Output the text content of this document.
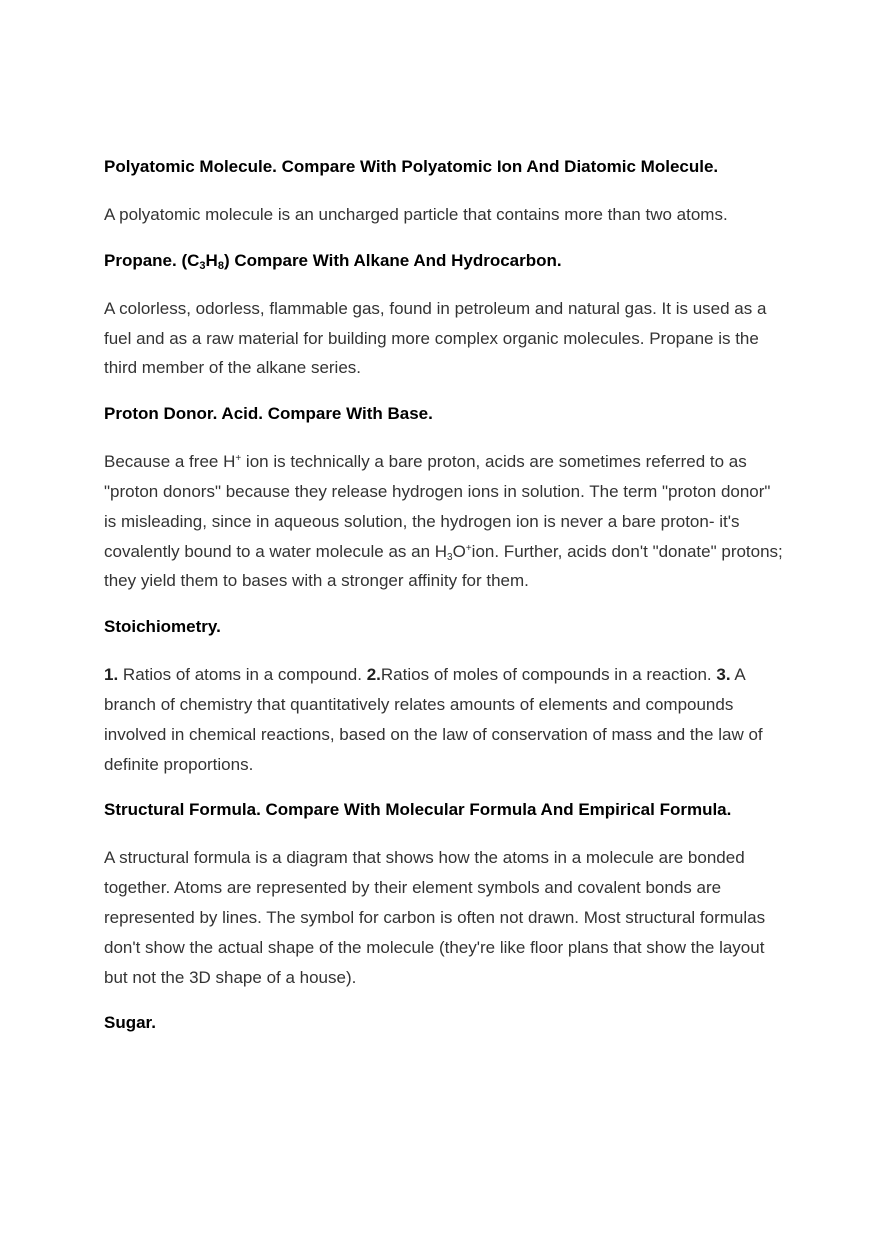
Polyatomic Molecule. Compare With Polyatomic Ion And Diatomic Molecule.

A polyatomic molecule is an uncharged particle that contains more than two atoms.

Propane. $(C_3H_8)$ Compare With Alkane And Hydrocarbon.

A colorless, odorless, flammable gas, found in petroleum and natural gas. It is used as a fuel and as a raw material for building more complex organic molecules. Propane is the third member of the alkane series.

Proton Donor. Acid. Compare With Base.

Because a free H+ ion is technically a bare proton, acids are sometimes referred to as "proton donors" because they release hydrogen ions in solution. The term "proton donor" is misleading, since in aqueous solution, the hydrogen ion is never a bare proton- it's covalently bound to a water molecule as an $H_3O^+ion$. Further, acids don't "donate" protons; they yield them to bases with a stronger affinity for them.

Stoichiometry.

1. Ratios of atoms in a compound. 2.Ratios of moles of compounds in a reaction. 3. A branch of chemistry that quantitatively relates amounts of elements and compounds involved in chemical reactions, based on the law of conservation of mass and the law of definite proportions.

Structural Formula. Compare With Molecular Formula And Empirical Formula.

A structural formula is a diagram that shows how the atoms in a molecule are bonded together. Atoms are represented by their element symbols and covalent bonds are represented by lines. The symbol for carbon is often not drawn. Most structural formulas don't show the actual shape of the molecule (they're like floor plans that show the layout but not the 3D shape of a house).

Sugar.
